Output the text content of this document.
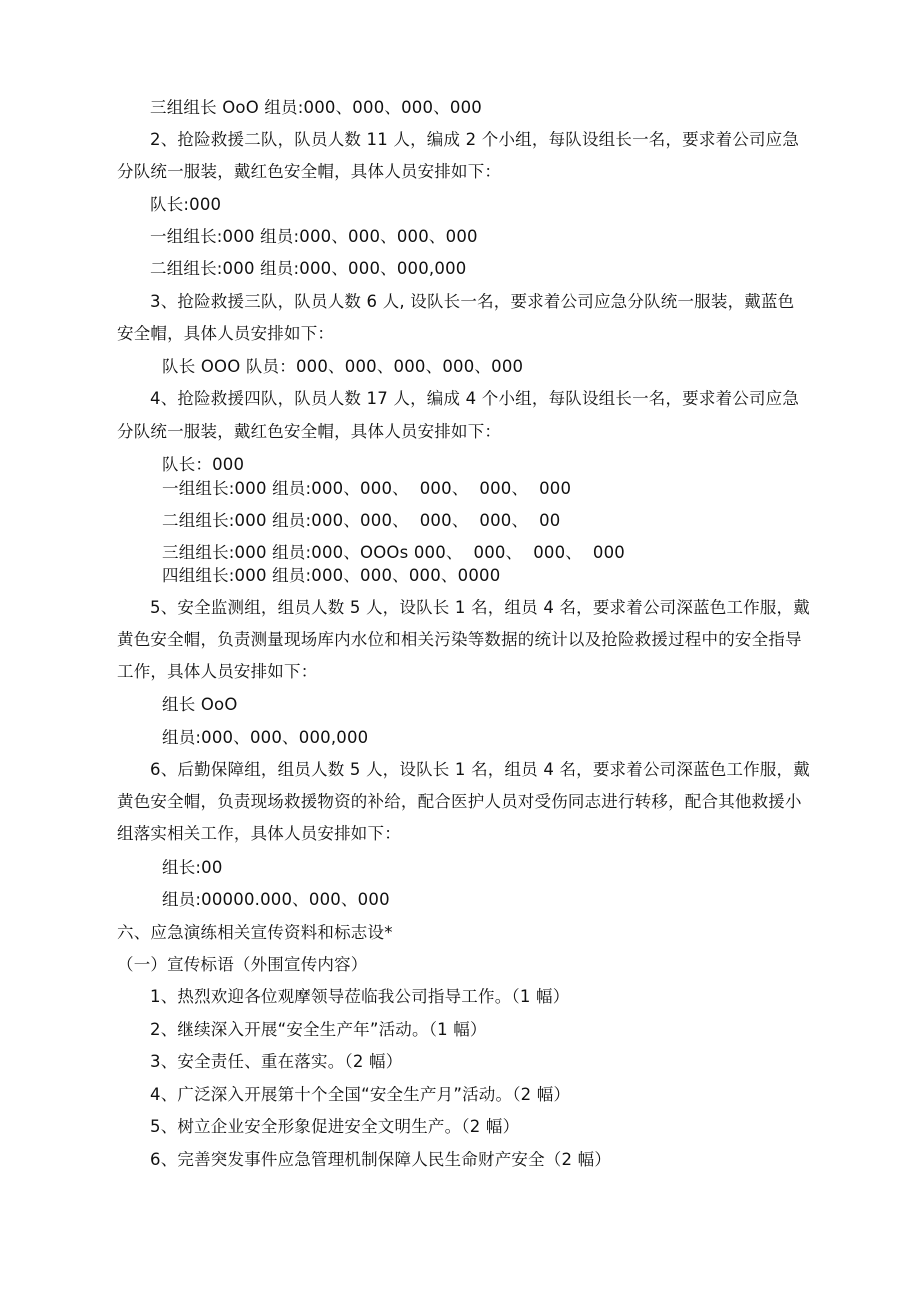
三组组长 OoO 组员:000、000、000、000
2、抢险救援二队，队员人数 11 人，编成 2 个小组，每队设组长一名，要求着公司应急
分队统一服装，戴红色安全帽，具体人员安排如下：
队长:000
一组组长:000 组员:000、000、000、000
二组组长:000 组员:000、000、000,000
3、抢险救援三队，队员人数 6 人, 设队长一名，要求着公司应急分队统一服装，戴蓝色
安全帽，具体人员安排如下：
队长 OOO 队员：000、000、000、000、000
4、抢险救援四队，队员人数 17 人，编成 4 个小组，每队设组长一名，要求着公司应急
分队统一服装，戴红色安全帽，具体人员安排如下：
队长：000
一组组长:000 组员:000、000、  000、  000、  000
二组组长:000 组员:000、000、  000、  000、  00
三组组长:000 组员:000、OOOs 000、  000、  000、  000
四组组长:000 组员:000、000、000、0000
5、安全监测组，组员人数 5 人，设队长 1 名，组员 4 名，要求着公司深蓝色工作服，戴
黄色安全帽，负责测量现场库内水位和相关污染等数据的统计以及抢险救援过程中的安全指导
工作，具体人员安排如下：
组长 OoO
组员:000、000、000,000
6、后勤保障组，组员人数 5 人，设队长 1 名，组员 4 名，要求着公司深蓝色工作服，戴
黄色安全帽，负责现场救援物资的补给，配合医护人员对受伤同志进行转移，配合其他救援小
组落实相关工作，具体人员安排如下：
组长:00
组员:00000.000、000、000
六、应急演练相关宣传资料和标志设*
（一）宣传标语（外围宣传内容）
1、热烈欢迎各位观摩领导莅临我公司指导工作。（1 幅）
2、继续深入开展“安全生产年”活动。（1 幅）
3、安全责任、重在落实。（2 幅）
4、广泛深入开展第十个全国“安全生产月”活动。（2 幅）
5、树立企业安全形象促进安全文明生产。（2 幅）
6、完善突发事件应急管理机制保障人民生命财产安全（2 幅）
